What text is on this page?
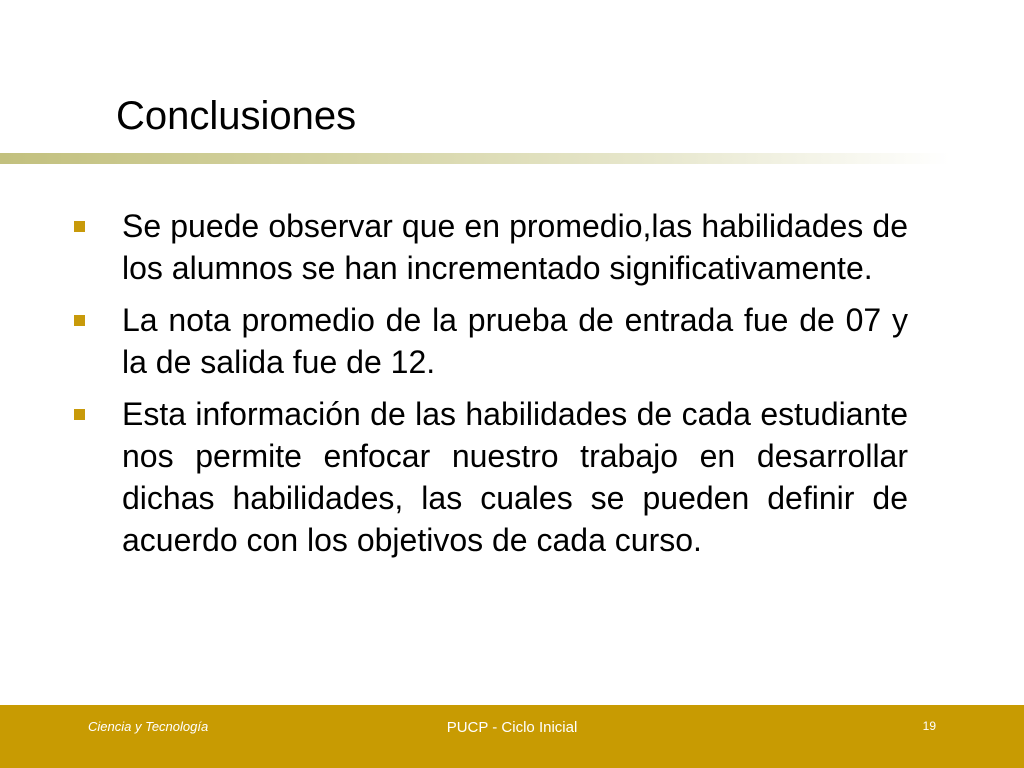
Conclusiones
Se puede observar que en promedio,las habilidades de los alumnos se han incrementado significativamente.
La nota promedio de la prueba de entrada fue de 07 y la de salida fue de 12.
Esta información de las habilidades de cada estudiante nos permite enfocar nuestro trabajo en desarrollar dichas habilidades, las cuales se pueden definir de acuerdo con los objetivos de cada curso.
Ciencia y Tecnología	PUCP - Ciclo Inicial	19
